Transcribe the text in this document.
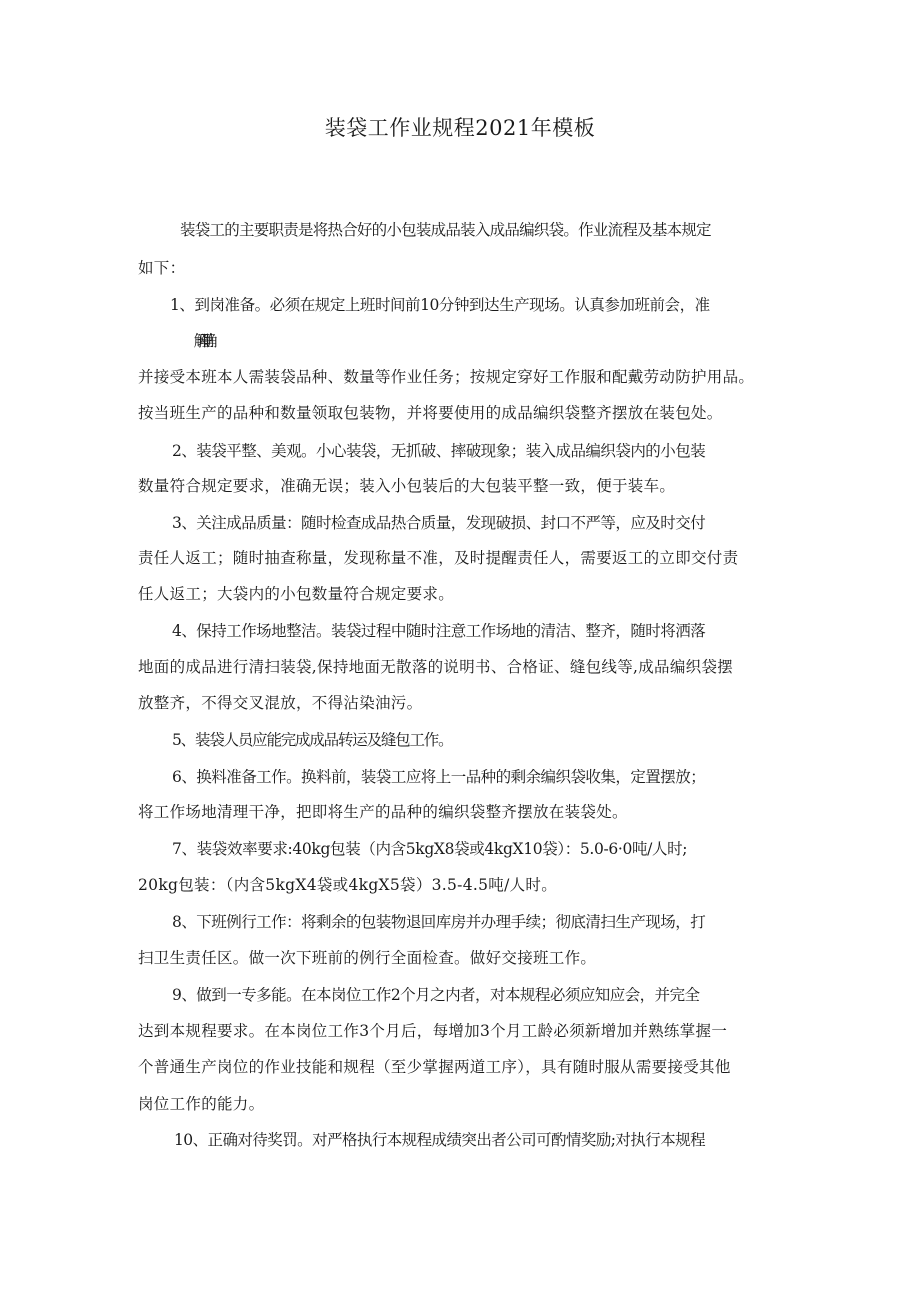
装袋工作业规程2021年模板
装袋工的主要职责是将热合好的小包装成品装入成品编织袋。作业流程及基本规定
如下：
1、到岗准备。必须在规定上班时间前10分钟到达生产现场。认真参加班前会，准
并接受本班本人需装袋品种、数量等作业任务；按规定穿好工作服和配戴劳动防护用品。
按当班生产的品种和数量领取包装物，并将要使用的成品编织袋整齐摆放在装包处。
2、装袋平整、美观。小心装袋，无抓破、摔破现象；装入成品编织袋内的小包装
数量符合规定要求，准确无误；装入小包装后的大包装平整一致，便于装车。
3、关注成品质量：随时检查成品热合质量，发现破损、封口不严等，应及时交付
责任人返工；随时抽查称量，发现称量不准，及时提醒责任人，需要返工的立即交付责
任人返工；大袋内的小包数量符合规定要求。
4、保持工作场地整洁。装袋过程中随时注意工作场地的清洁、整齐，随时将洒落
地面的成品进行清扫装袋,保持地面无散落的说明书、合格证、缝包线等,成品编织袋摆
放整齐，不得交叉混放，不得沾染油污。
5、装袋人员应能完成成品转运及缝包工作。
6、换料准备工作。换料前，装袋工应将上一品种的剩余编织袋收集，定置摆放；
将工作场地清理干净，把即将生产的品种的编织袋整齐摆放在装袋处。
7、装袋效率要求:40kg包装（内含5kgX8袋或4kgX10袋）：5.0-6·0吨/人时;
20kg包装：（内含5kgX4袋或4kgX5袋）3.5-4.5吨/人时。
8、下班例行工作：将剩余的包装物退回库房并办理手续；彻底清扫生产现场，打
扫卫生责任区。做一次下班前的例行全面检查。做好交接班工作。
9、做到一专多能。在本岗位工作2个月之内者，对本规程必须应知应会，并完全
达到本规程要求。在本岗位工作3个月后，每增加3个月工龄必须新增加并熟练掌握一
个普通生产岗位的作业技能和规程（至少掌握两道工序），具有随时服从需要接受其他
岗位工作的能力。
10、正确对待奖罚。对严格执行本规程成绩突出者公司可酌情奖励;对执行本规程
